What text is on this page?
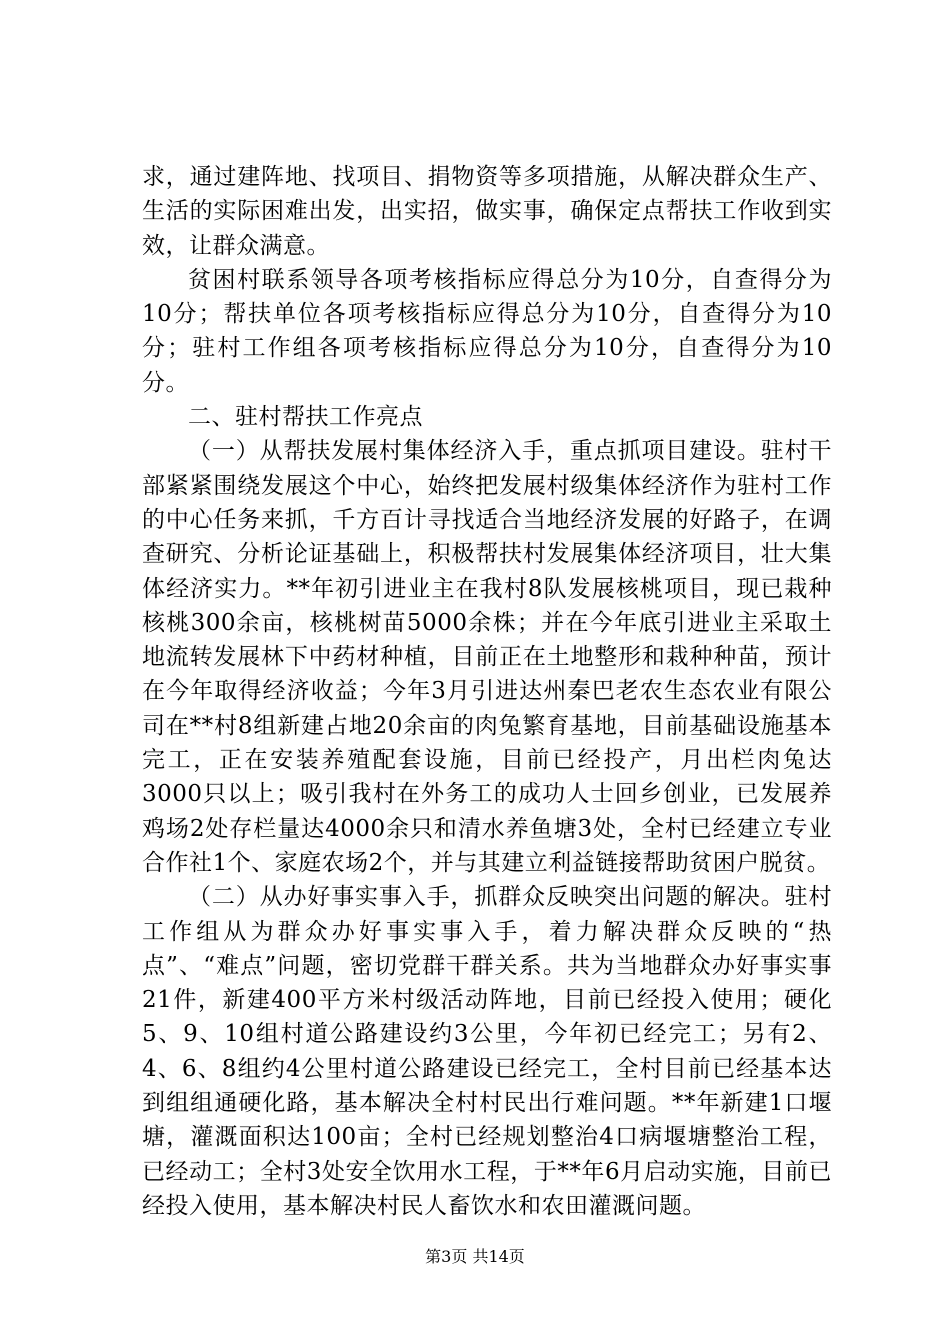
求，通过建阵地、找项目、捐物资等多项措施，从解决群众生产、生活的实际困难出发，出实招，做实事，确保定点帮扶工作收到实效，让群众满意。

贫困村联系领导各项考核指标应得总分为10分，自查得分为10分；帮扶单位各项考核指标应得总分为10分，自查得分为10分；驻村工作组各项考核指标应得总分为10分，自查得分为10分。

二、驻村帮扶工作亮点

（一）从帮扶发展村集体经济入手，重点抓项目建设。驻村干部紧紧围绕发展这个中心，始终把发展村级集体经济作为驻村工作的中心任务来抓，千方百计寻找适合当地经济发展的好路子，在调查研究、分析论证基础上，积极帮扶村发展集体经济项目，壮大集体经济实力。**年初引进业主在我村8队发展核桃项目，现已栽种核桃300余亩，核桃树苗5000余株；并在今年底引进业主采取土地流转发展林下中药材种植，目前正在土地整形和栽种种苗，预计在今年取得经济收益；今年3月引进达州秦巴老农生态农业有限公司在**村8组新建占地20余亩的肉兔繁育基地，目前基础设施基本完工，正在安装养殖配套设施，目前已经投产，月出栏肉兔达3000只以上；吸引我村在外务工的成功人士回乡创业，已发展养鸡场2处存栏量达4000余只和清水养鱼塘3处，全村已经建立专业合作社1个、家庭农场2个，并与其建立利益链接帮助贫困户脱贫。

（二）从办好事实事入手，抓群众反映突出问题的解决。驻村工作组从为群众办好事实事入手，着力解决群众反映的“热点”、“难点”问题，密切党群干群关系。共为当地群众办好事实事21件，新建400平方米村级活动阵地，目前已经投入使用；硬化5、9、10组村道公路建设约3公里，今年初已经完工；另有2、4、6、8组约4公里村道公路建设已经完工，全村目前已经基本达到组组通硬化路，基本解决全村村民出行难问题。**年新建1口堰塘，灌溉面积达100亩；全村已经规划整治4口病堰塘整治工程，已经动工；全村3处安全饮用水工程，于**年6月启动实施，目前已经投入使用，基本解决村民人畜饮水和农田灌溉问题。

第3页 共14页
